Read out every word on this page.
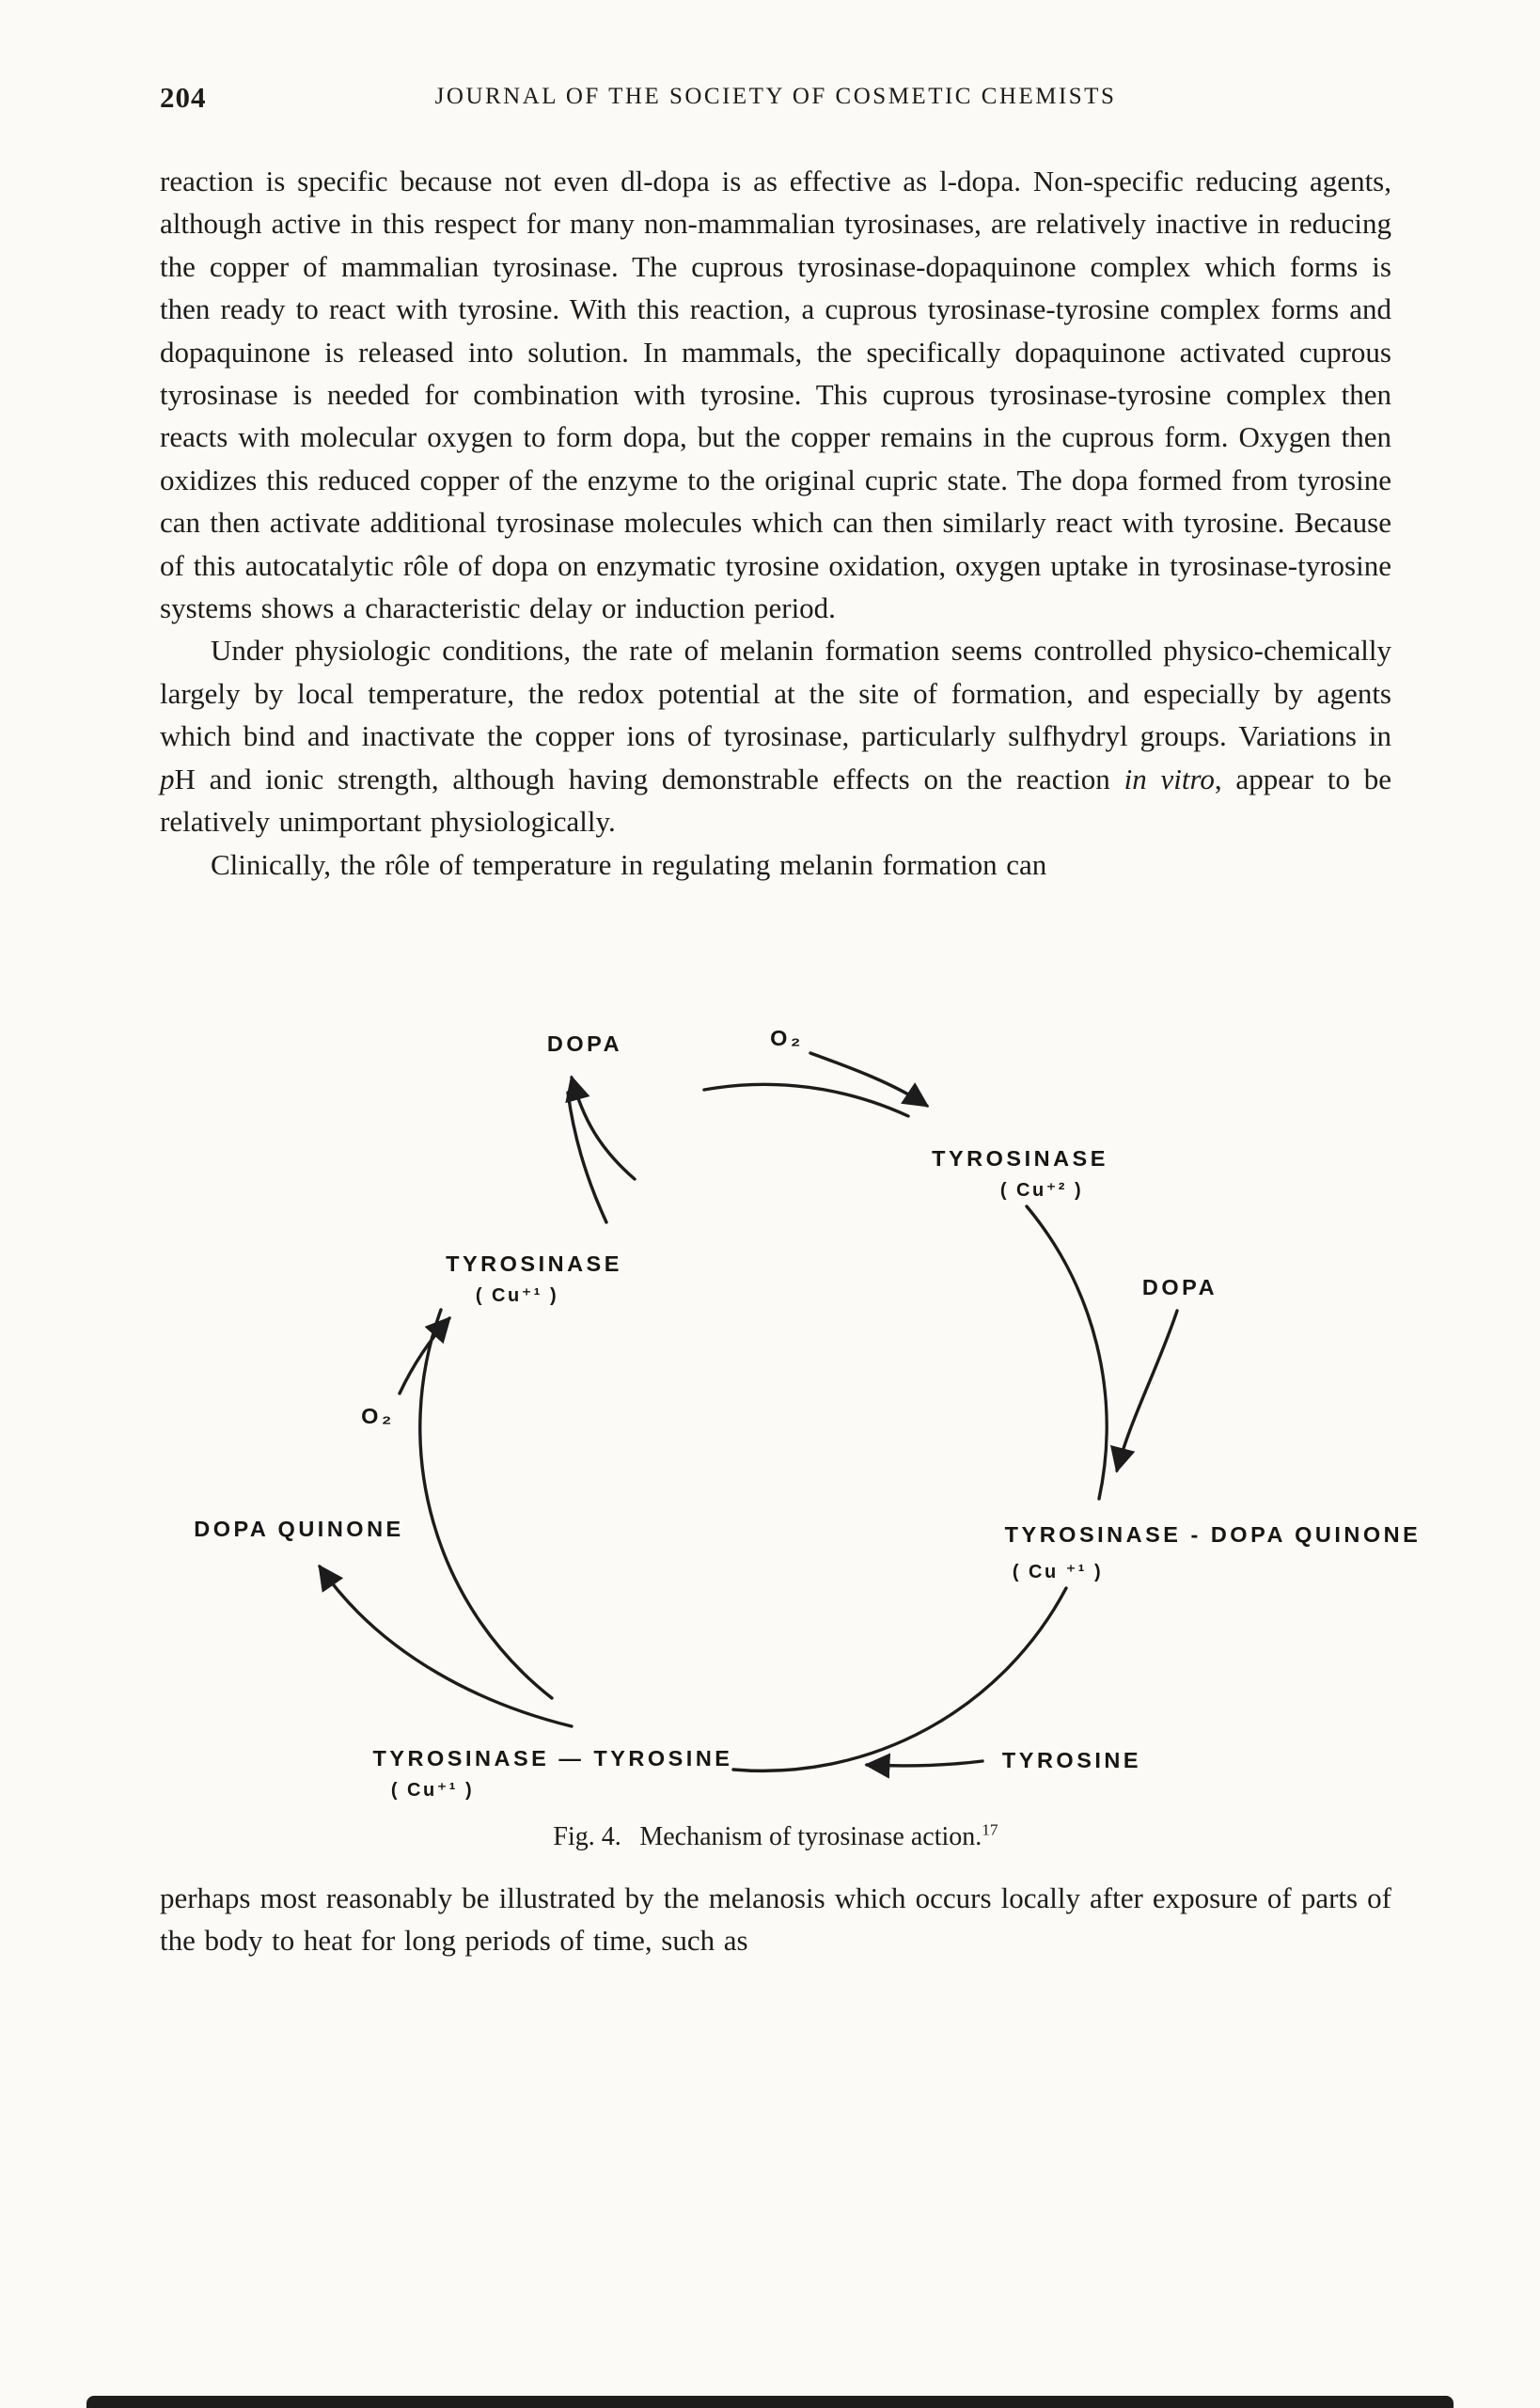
204	JOURNAL OF THE SOCIETY OF COSMETIC CHEMISTS

reaction is specific because not even dl-dopa is as effective as l-dopa. Non-specific reducing agents, although active in this respect for many non-mammalian tyrosinases, are relatively inactive in reducing the copper of mammalian tyrosinase. The cuprous tyrosinase-dopaquinone complex which forms is then ready to react with tyrosine. With this reaction, a cuprous tyrosinase-tyrosine complex forms and dopaquinone is released into solution. In mammals, the specifically dopaquinone activated cuprous tyrosinase is needed for combination with tyrosine. This cuprous tyrosinase-tyrosine complex then reacts with molecular oxygen to form dopa, but the copper remains in the cuprous form. Oxygen then oxidizes this reduced copper of the enzyme to the original cupric state. The dopa formed from tyrosine can then activate additional tyrosinase molecules which can then similarly react with tyrosine. Because of this autocatalytic rôle of dopa on enzymatic tyrosine oxidation, oxygen uptake in tyrosinase-tyrosine systems shows a characteristic delay or induction period.

Under physiologic conditions, the rate of melanin formation seems controlled physico-chemically largely by local temperature, the redox potential at the site of formation, and especially by agents which bind and inactivate the copper ions of tyrosinase, particularly sulfhydryl groups. Variations in pH and ionic strength, although having demonstrable effects on the reaction in vitro, appear to be relatively unimportant physiologically.

Clinically, the rôle of temperature in regulating melanin formation can

DOPA	O₂
TYROSINASE
( Cu⁺² )
DOPA
TYROSINASE - DOPA QUINONE
( Cu ⁺¹ )
TYROSINE
TYROSINASE — TYROSINE
( Cu⁺¹ )
DOPA QUINONE
O₂
TYROSINASE
( Cu⁺¹ )
Fig. 4. Mechanism of tyrosinase action.$^{17}$

perhaps most reasonably be illustrated by the melanosis which occurs locally after exposure of parts of the body to heat for long periods of time, such as
